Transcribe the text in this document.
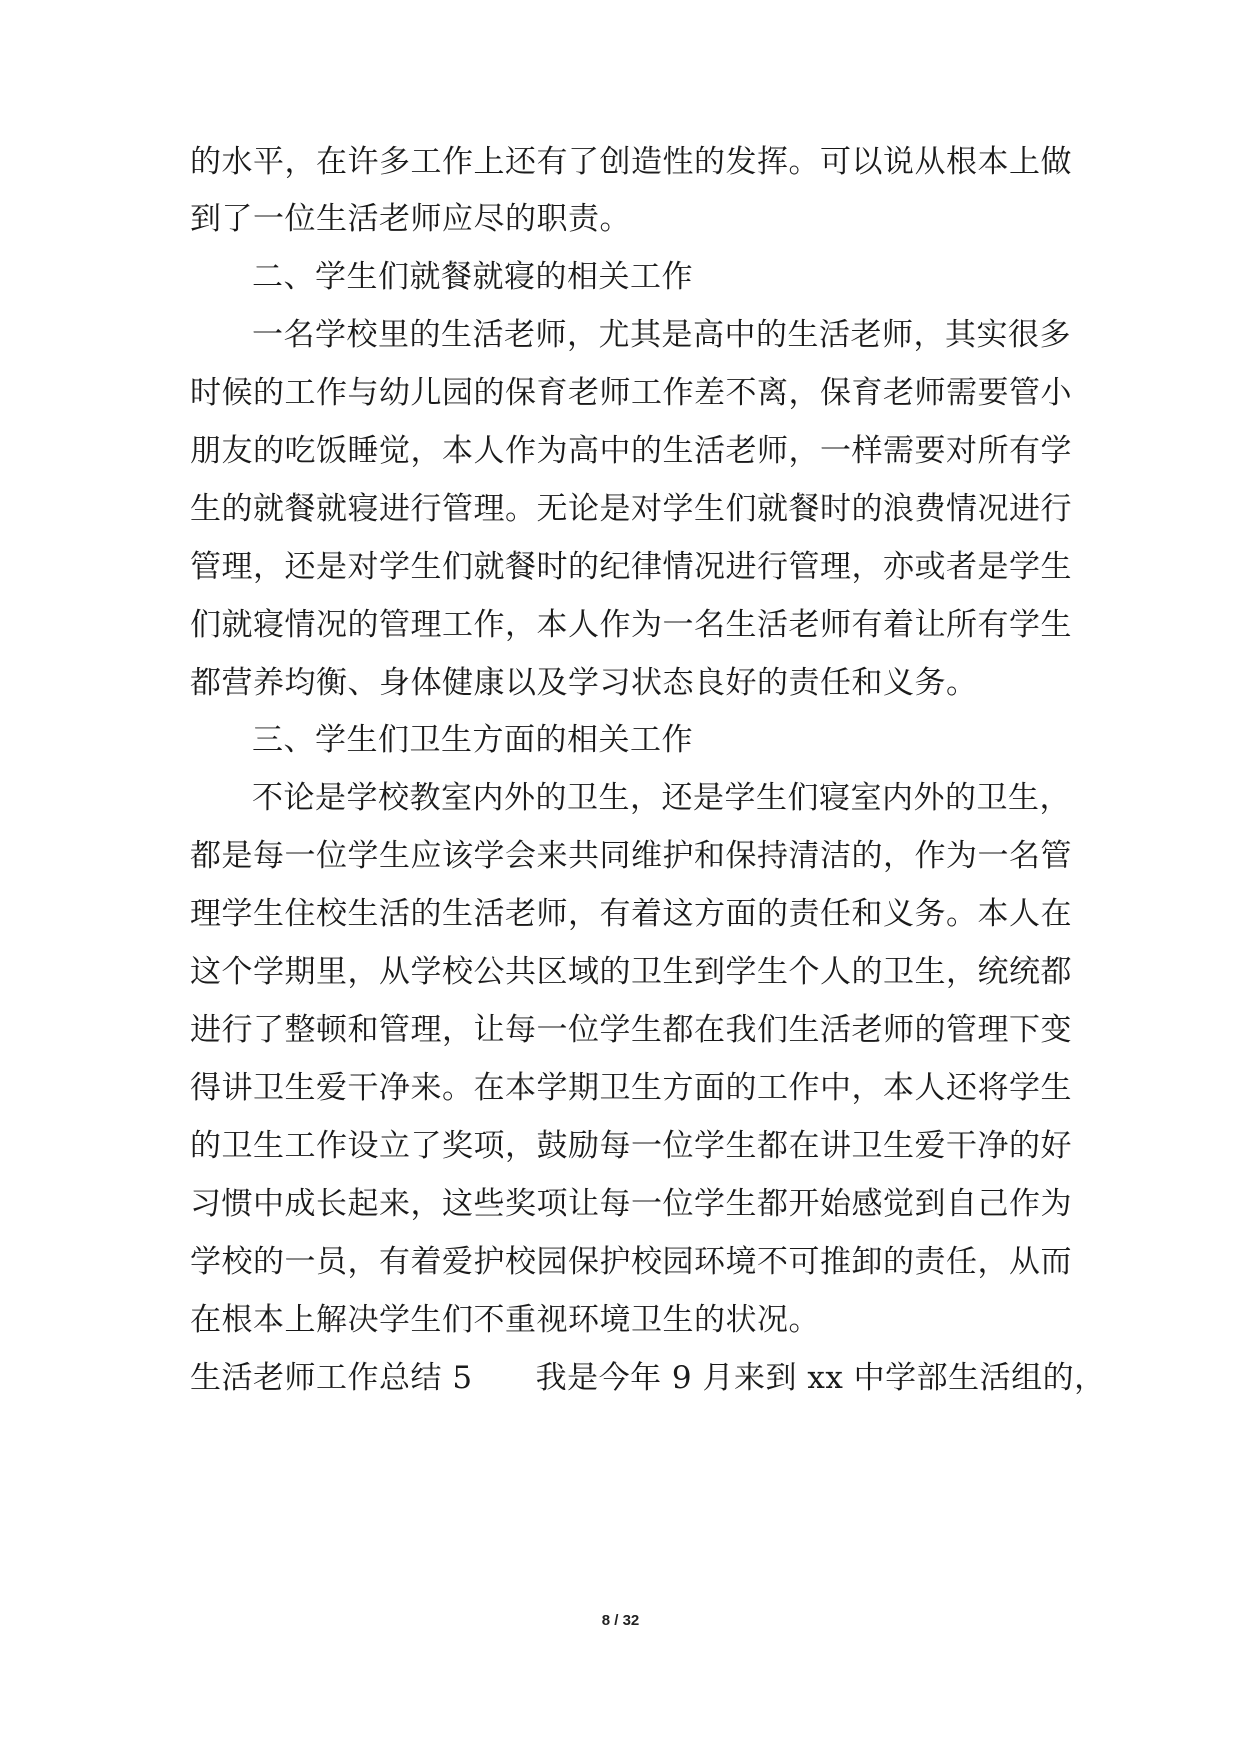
的水平，在许多工作上还有了创造性的发挥。可以说从根本上做
到了一位生活老师应尽的职责。
二、学生们就餐就寝的相关工作
一名学校里的生活老师，尤其是高中的生活老师，其实很多
时候的工作与幼儿园的保育老师工作差不离，保育老师需要管小
朋友的吃饭睡觉，本人作为高中的生活老师，一样需要对所有学
生的就餐就寝进行管理。无论是对学生们就餐时的浪费情况进行
管理，还是对学生们就餐时的纪律情况进行管理，亦或者是学生
们就寝情况的管理工作，本人作为一名生活老师有着让所有学生
都营养均衡、身体健康以及学习状态良好的责任和义务。
三、学生们卫生方面的相关工作
不论是学校教室内外的卫生，还是学生们寝室内外的卫生，
都是每一位学生应该学会来共同维护和保持清洁的，作为一名管
理学生住校生活的生活老师，有着这方面的责任和义务。本人在
这个学期里，从学校公共区域的卫生到学生个人的卫生，统统都
进行了整顿和管理，让每一位学生都在我们生活老师的管理下变
得讲卫生爱干净来。在本学期卫生方面的工作中，本人还将学生
的卫生工作设立了奖项，鼓励每一位学生都在讲卫生爱干净的好
习惯中成长起来，这些奖项让每一位学生都开始感觉到自己作为
学校的一员，有着爱护校园保护校园环境不可推卸的责任，从而
在根本上解决学生们不重视环境卫生的状况。
生活老师工作总结 5　　我是今年 9 月来到 xx 中学部生活组的，
8 / 32
